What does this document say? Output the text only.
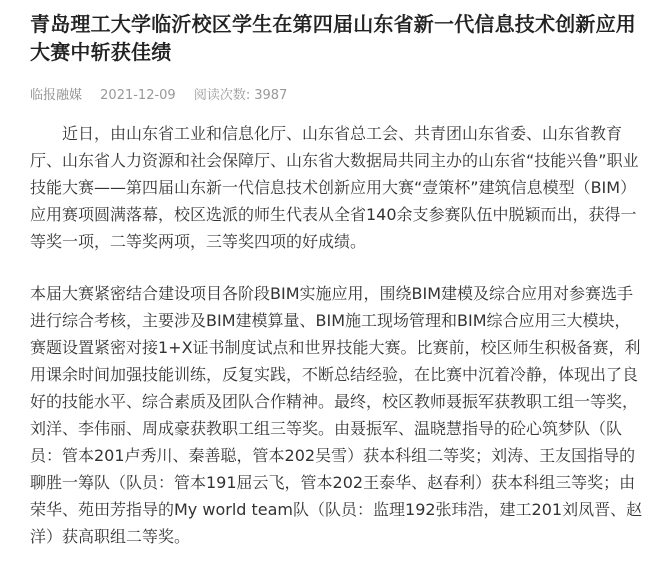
青岛理工大学临沂校区学生在第四届山东省新一代信息技术创新应用大赛中斩获佳绩
临报融媒 2021-12-09 阅读次数: 3987

近日，由山东省工业和信息化厅、山东省总工会、共青团山东省委、山东省教育厅、山东省人力资源和社会保障厅、山东省大数据局共同主办的山东省“技能兴鲁”职业技能大赛——第四届山东新一代信息技术创新应用大赛“壹策杯”建筑信息模型（BIM）应用赛项圆满落幕，校区选派的师生代表从全省140余支参赛队伍中脱颖而出，获得一等奖一项，二等奖两项，三等奖四项的好成绩。

本届大赛紧密结合建设项目各阶段BIM实施应用，围绕BIM建模及综合应用对参赛选手进行综合考核，主要涉及BIM建模算量、BIM施工现场管理和BIM综合应用三大模块，赛题设置紧密对接1+X证书制度试点和世界技能大赛。比赛前，校区师生积极备赛，利用课余时间加强技能训练，反复实践，不断总结经验，在比赛中沉着冷静，体现出了良好的技能水平、综合素质及团队合作精神。最终，校区教师聂振军获教职工组一等奖，刘洋、李伟丽、周成豪获教职工组三等奖。由聂振军、温晓慧指导的砼心筑梦队（队员：管本201卢秀川、秦善聪，管本202吴雪）获本科组二等奖；刘涛、王友国指导的聊胜一筹队（队员：管本191屈云飞，管本202王泰华、赵春利）获本科组三等奖；由荣华、苑田芳指导的My world team队（队员：监理192张玮浩，建工201刘凤晋、赵洋）获高职组二等奖。
